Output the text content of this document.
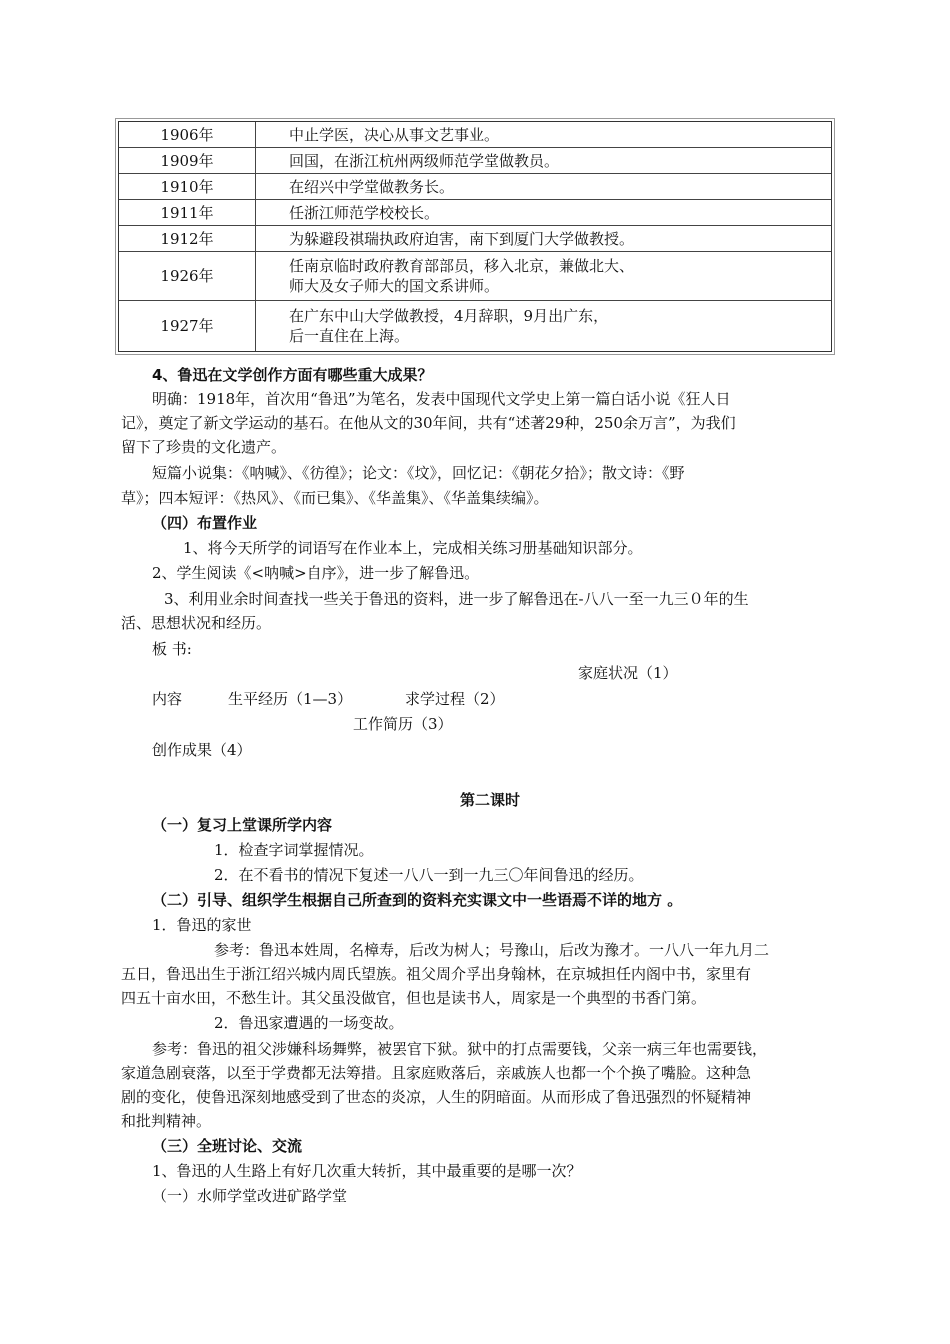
1906年	中止学医，决心从事文艺事业。
1909年	回国，在浙江杭州两级师范学堂做教员。
1910年	在绍兴中学堂做教务长。
1911年	任浙江师范学校校长。
1912年	为躲避段祺瑞执政府迫害，南下到厦门大学做教授。
1926年	任南京临时政府教育部部员，移入北京，兼做北大、
师大及女子师大的国文系讲师。

1927年	在广东中山大学做教授，4月辞职，9月出广东，
后一直住在上海。
4、鲁迅在文学创作方面有哪些重大成果？
明确：1918年，首次用“鲁迅”为笔名，发表中国现代文学史上第一篇白话小说《狂人日
记》，奠定了新文学运动的基石。在他从文的30年间，共有“述著29种，250余万言”，为我们
留下了珍贵的文化遗产。
短篇小说集：《呐喊》、《彷徨》；论文：《坟》，回忆记：《朝花夕拾》；散文诗：《野
草》；四本短评：《热风》、《而已集》、《华盖集》、《华盖集续编》。
（四）布置作业
1、将今天所学的词语写在作业本上，完成相关练习册基础知识部分。
2、学生阅读《<呐喊>自序》，进一步了解鲁迅。
3、利用业余时间查找一些关于鲁迅的资料，进一步了解鲁迅在-八八一至一九三０年的生
活、思想状况和经历。
板 书:
家庭状况（1）
内容	生平经历（1—3）	求学过程（2）
工作简历（3）
创作成果（4）
第二课时
（一）复习上堂课所学内容
1．检查字词掌握情况。
2．在不看书的情况下复述一八八一到一九三〇年间鲁迅的经历。
（二）引导、组织学生根据自己所查到的资料充实课文中一些语焉不详的地方 。
1．鲁迅的家世
参考：鲁迅本姓周，名樟寿，后改为树人；号豫山，后改为豫才。一八八一年九月二
五日，鲁迅出生于浙江绍兴城内周氏望族。祖父周介孚出身翰林，在京城担任内阁中书，家里有
四五十亩水田，不愁生计。其父虽没做官，但也是读书人，周家是一个典型的书香门第。
2．鲁迅家遭遇的一场变故。
参考：鲁迅的祖父涉嫌科场舞弊，被罢官下狱。狱中的打点需要钱，父亲一病三年也需要钱，
家道急剧衰落，以至于学费都无法筹措。且家庭败落后，亲戚族人也都一个个换了嘴脸。这种急
剧的变化，使鲁迅深刻地感受到了世态的炎凉，人生的阴暗面。从而形成了鲁迅强烈的怀疑精神
和批判精神。
（三）全班讨论、交流
1、鲁迅的人生路上有好几次重大转折，其中最重要的是哪一次？
（一）水师学堂改进矿路学堂
